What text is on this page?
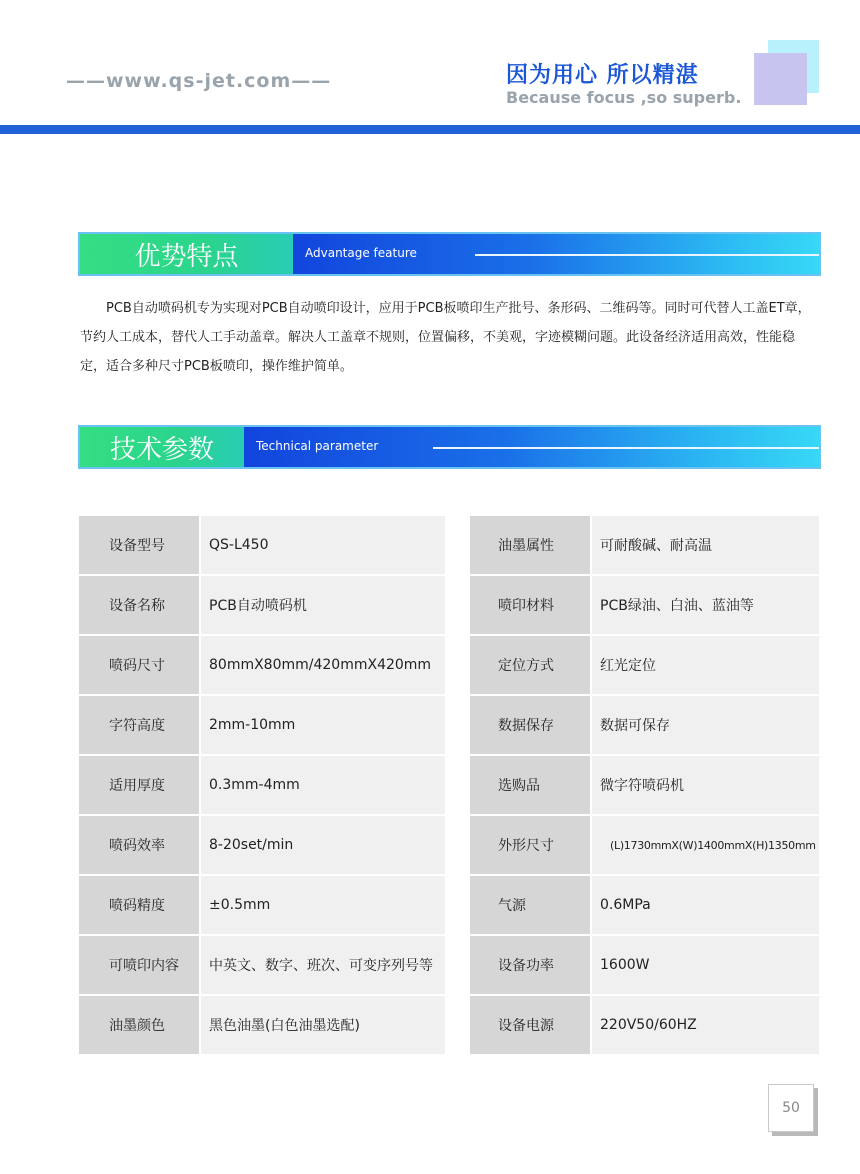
——www.qs-jet.com——	因为用心 所以精湛
Because focus ,so superb.
优势特点	Advantage feature

PCB自动喷码机专为实现对PCB自动喷印设计，应用于PCB板喷印生产批号、条形码、二维码等。同时可代替人工盖ET章，节约人工成本，替代人工手动盖章。解决人工盖章不规则，位置偏移，不美观，字迹模糊问题。此设备经济适用高效，性能稳定，适合多种尺寸PCB板喷印，操作维护简单。

技术参数	Technical parameter
设备型号	QS-L450
设备名称	PCB自动喷码机
喷码尺寸	80mmX80mm/420mmX420mm
字符高度	2mm-10mm
适用厚度	0.3mm-4mm
喷码效率	8-20set/min
喷码精度	±0.5mm
可喷印内容	中英文、数字、班次、可变序列号等
油墨颜色	黑色油墨(白色油墨选配)
油墨属性	可耐酸碱、耐高温
喷印材料	PCB绿油、白油、蓝油等
定位方式	红光定位
数据保存	数据可保存
选购品	微字符喷码机
外形尺寸	(L)1730mmX(W)1400mmX(H)1350mm
气源	0.6MPa
设备功率	1600W
设备电源	220V50/60HZ
50
